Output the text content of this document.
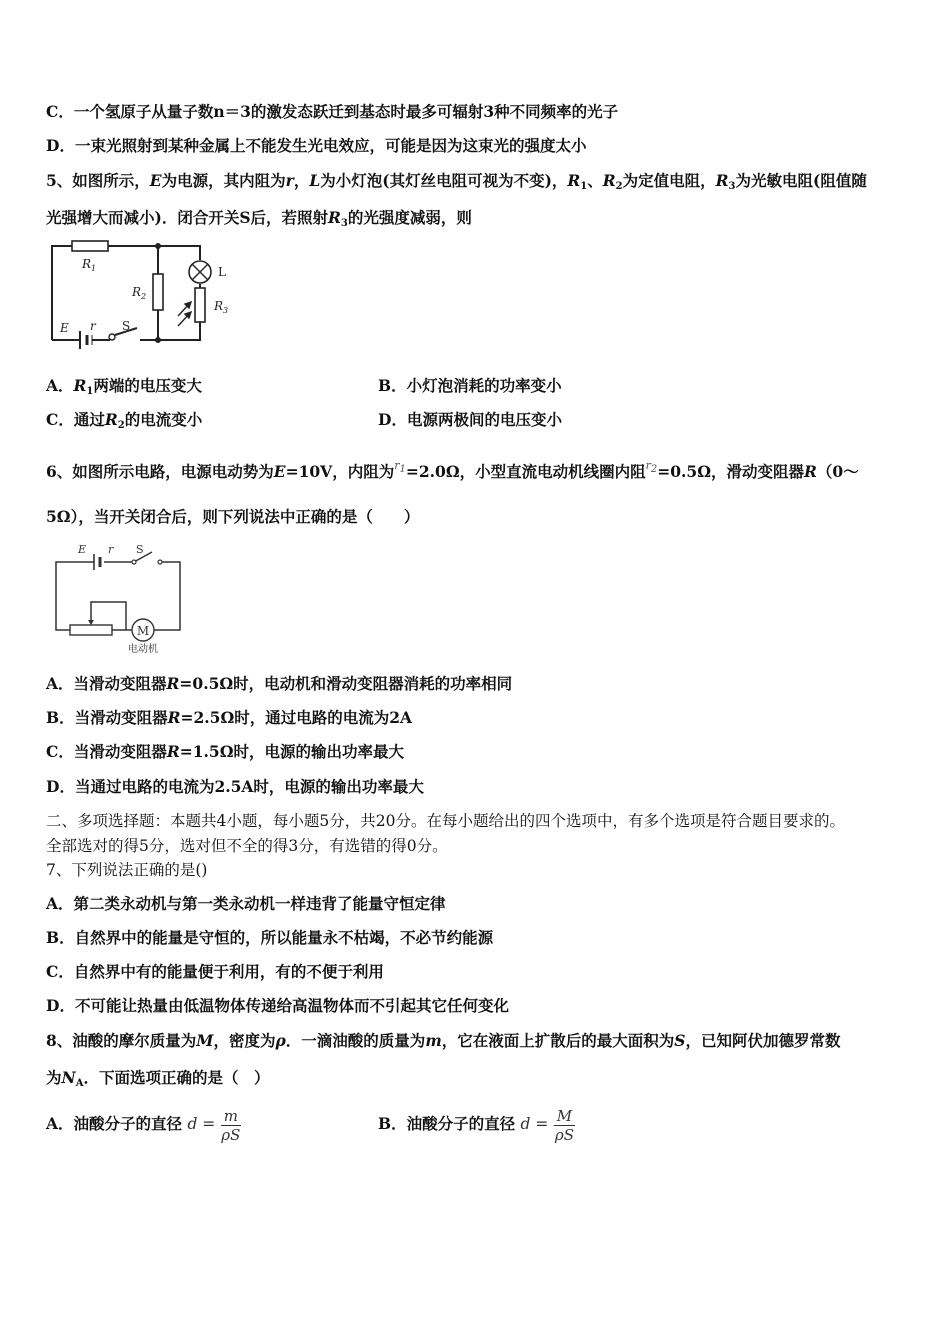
C．一个氢原子从量子数n＝3的激发态跃迁到基态时最多可辐射3种不同频率的光子
D．一束光照射到某种金属上不能发生光电效应，可能是因为这束光的强度太小
5、如图所示，E为电源，其内阻为r，L为小灯泡(其灯丝电阻可视为不变)，$R_1$、$R_2$为定值电阻，$R_3$为光敏电阻(阻值随
光强增大而减小)．闭合开关S后，若照射$R_3$的光强度减弱，则
$R_1$
$R_2$
$R_3$
L
E r S
A．$R_1$两端的电压变大	B．小灯泡消耗的功率变小
C．通过$R_2$的电流变小	D．电源两极间的电压变小
6、如图所示电路，电源电动势为E=10V，内阻为$^{r_1}$=2.0Ω，小型直流电动机线圈内阻$^{r_2}$=0.5Ω，滑动变阻器R（0～
5Ω），当开关闭合后，则下列说法中正确的是（　　）
M
E r S
电动机
A．当滑动变阻器R=0.5Ω时，电动机和滑动变阻器消耗的功率相同
B．当滑动变阻器R=2.5Ω时，通过电路的电流为2A
C．当滑动变阻器R=1.5Ω时，电源的输出功率最大
D．当通过电路的电流为2.5A时，电源的输出功率最大
二、多项选择题：本题共4小题，每小题5分，共20分。在每小题给出的四个选项中，有多个选项是符合题目要求的。
全部选对的得5分，选对但不全的得3分，有选错的得0分。
7、下列说法正确的是()
A．第二类永动机与第一类永动机一样违背了能量守恒定律
B．自然界中的能量是守恒的，所以能量永不枯竭，不必节约能源
C．自然界中有的能量便于利用，有的不便于利用
D．不可能让热量由低温物体传递给高温物体而不引起其它任何变化
8、油酸的摩尔质量为M，密度为ρ．一滴油酸的质量为m，它在液面上扩散后的最大面积为S，已知阿伏加德罗常数
为$N_A$．下面选项正确的是（　）
A．油酸分子的直径 $d = \frac{m}{\rho S}$	B．油酸分子的直径 $d = \frac{M}{\rho S}$
